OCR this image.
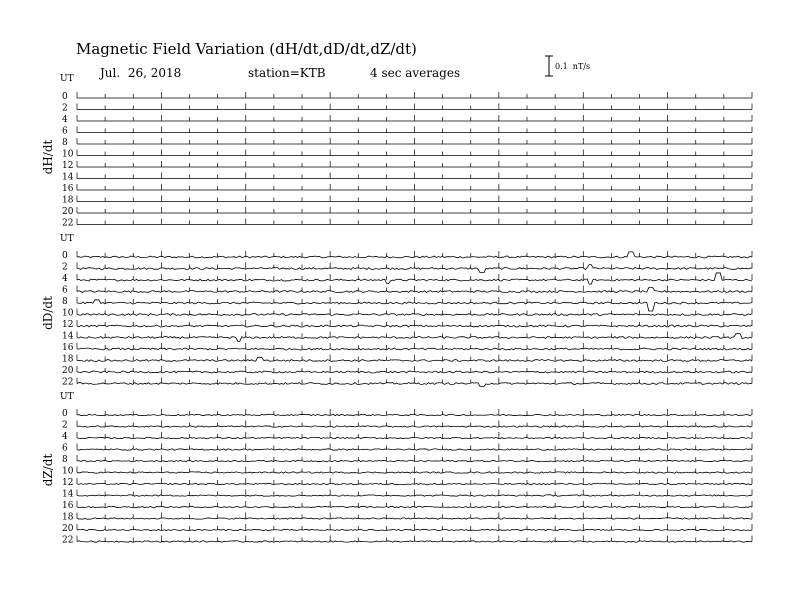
Magnetic Field Variation (dH/dt,dD/dt,dZ/dt)
Jul.  26, 2018	station=KTB	4 sec averages	0.1  nT/s
UT
dH/dt
0
2
4
6
8
10
12
14
16
18
20
22
UT
dD/dt
0
2
4
6
8
10
12
14
16
18
20
22
UT
dZ/dt
0
2
4
6
8
10
12
14
16
18
20
22
